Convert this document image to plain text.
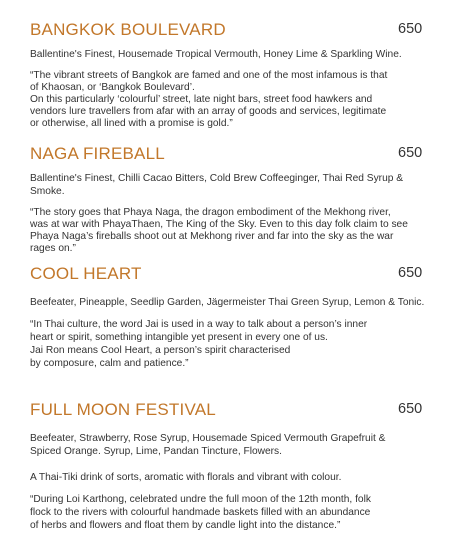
BANGKOK BOULEVARD	650
Ballentine's Finest, Housemade Tropical Vermouth, Honey Lime & Sparkling Wine.
“The vibrant streets of Bangkok are famed and one of the most infamous is that
of Khaosan, or ‘Bangkok Boulevard’.
On this particularly ‘colourful’ street, late night bars, street food hawkers and
vendors lure travellers from afar with an array of goods and services, legitimate
or otherwise, all lined with a promise is gold.”
NAGA FIREBALL	650
Ballentine's Finest, Chilli Cacao Bitters, Cold Brew Coffeeginger, Thai Red Syrup & Smoke.
“The story goes that Phaya Naga, the dragon embodiment of the Mekhong river,
was at war with PhayaThaen, The King of the Sky. Even to this day folk claim to see
Phaya Naga’s fireballs shoot out at Mekhong river and far into the sky as the war
rages on.”
COOL HEART	650
Beefeater, Pineapple, Seedlip Garden, Jägermeister Thai Green Syrup, Lemon & Tonic.
“In Thai culture, the word Jai is used in a way to talk about a person’s inner
heart or spirit, something intangible yet present in every one of us.
Jai Ron means Cool Heart, a person’s spirit characterised
by composure, calm and patience.”
FULL MOON FESTIVAL	650
Beefeater, Strawberry, Rose Syrup, Housemade Spiced Vermouth Grapefruit &
Spiced Orange. Syrup, Lime, Pandan Tincture, Flowers.
A Thai-Tiki drink of sorts, aromatic with florals and vibrant with colour.
“During Loi Karthong, celebrated undre the full moon of the 12th month, folk
flock to the rivers with colourful handmade baskets filled with an abundance
of herbs and flowers and float them by candle light into the distance.”
